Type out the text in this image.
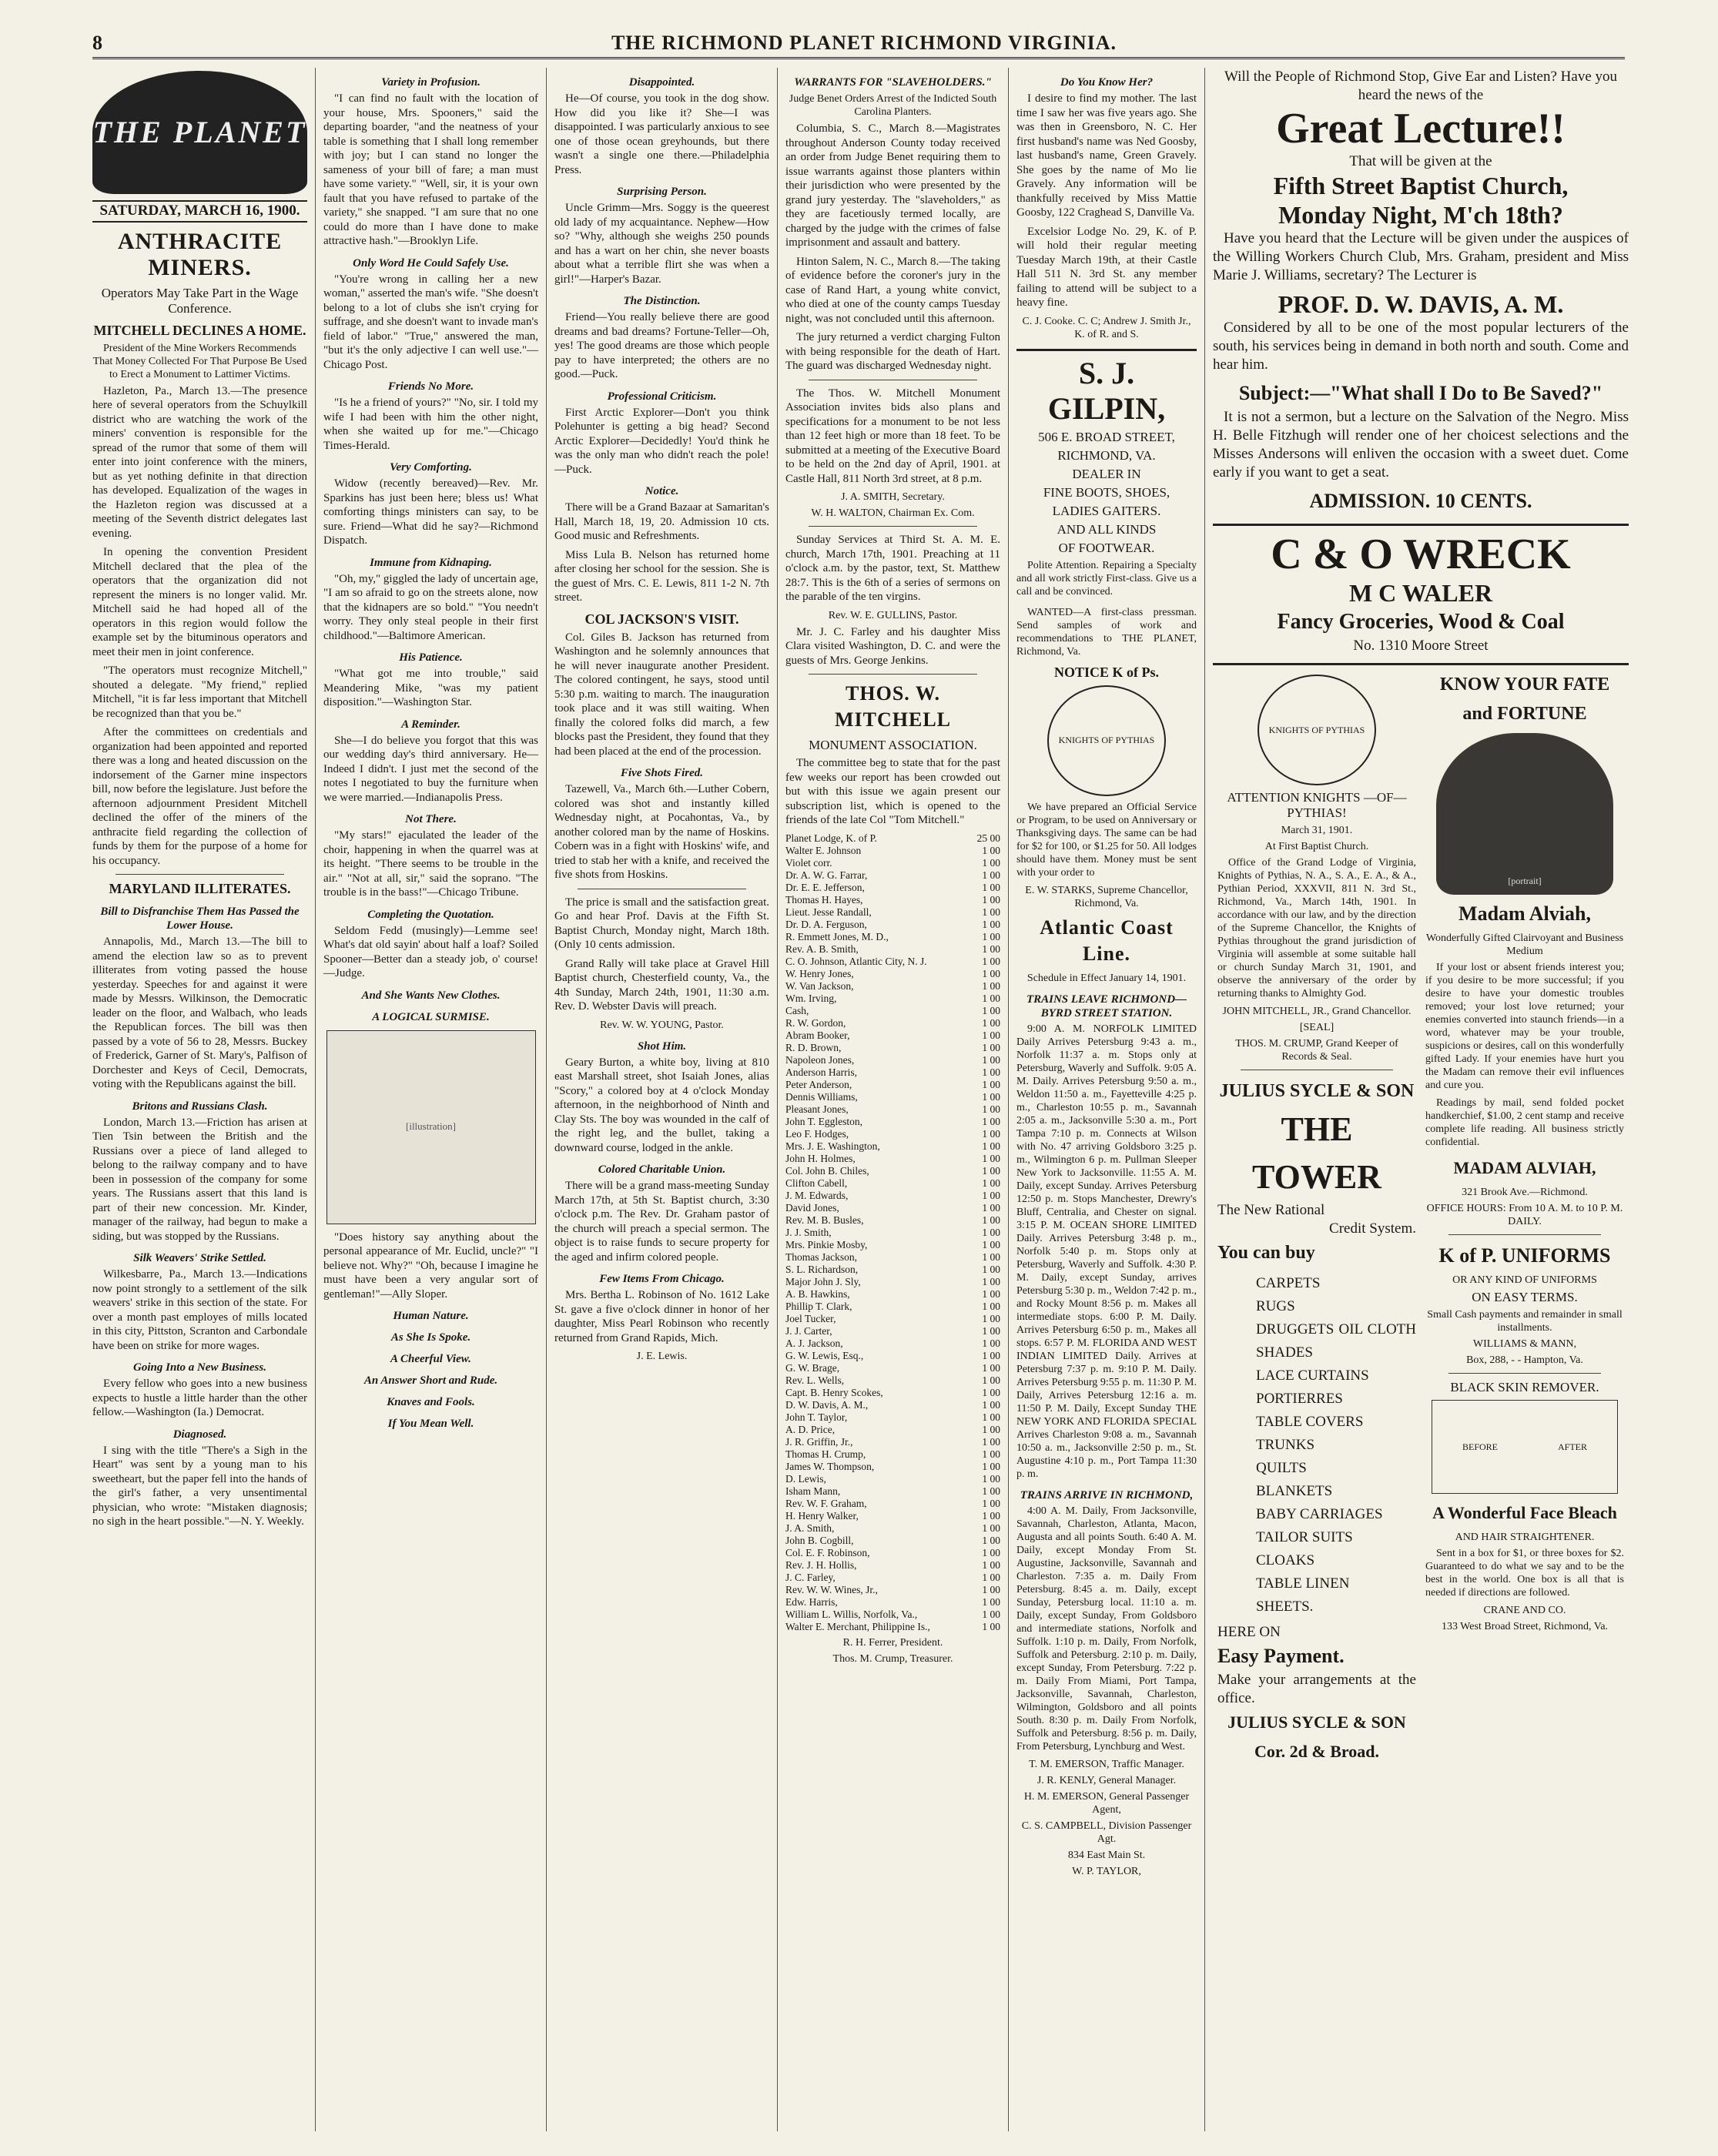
8	THE RICHMOND PLANET RICHMOND VIRGINIA.
THE PLANET
SATURDAY, MARCH 16, 1900.
ANTHRACITE MINERS.
Operators May Take Part in the Wage Conference.
MITCHELL DECLINES A HOME.
President of the Mine Workers Recommends That Money Collected For That Purpose Be Used to Erect a Monument to Lattimer Victims.

Hazleton, Pa., March 13.—The presence here of several operators from the Schuylkill district who are watching the work of the miners' convention is responsible for the spread of the rumor that some of them will enter into joint conference with the miners, but as yet nothing definite in that direction has developed. Equalization of the wages in the Hazleton region was discussed at a meeting of the Seventh district delegates last evening.

In opening the convention President Mitchell declared that the plea of the operators that the organization did not represent the miners is no longer valid. Mr. Mitchell said he had hoped all of the operators in this region would follow the example set by the bituminous operators and meet their men in joint conference.

"The operators must recognize Mitchell," shouted a delegate. "My friend," replied Mitchell, "it is far less important that Mitchell be recognized than that you be."

After the committees on credentials and organization had been appointed and reported there was a long and heated discussion on the indorsement of the Garner mine inspectors bill, now before the legislature. Just before the afternoon adjournment President Mitchell declined the offer of the miners of the anthracite field regarding the collection of funds by them for the purpose of a home for his occupancy.

MARYLAND ILLITERATES.
Bill to Disfranchise Them Has Passed the Lower House.

Annapolis, Md., March 13.—The bill to amend the election law so as to prevent illiterates from voting passed the house yesterday. Speeches for and against it were made by Messrs. Wilkinson, the Democratic leader on the floor, and Walbach, who leads the Republican forces. The bill was then passed by a vote of 56 to 28, Messrs. Buckey of Frederick, Garner of St. Mary's, Palfison of Dorchester and Keys of Cecil, Democrats, voting with the Republicans against the bill.

Britons and Russians Clash.

London, March 13.—Friction has arisen at Tien Tsin between the British and the Russians over a piece of land alleged to belong to the railway company and to have been in possession of the company for some years. The Russians assert that this land is part of their new concession. Mr. Kinder, manager of the railway, had begun to make a siding, but was stopped by the Russians.

Silk Weavers' Strike Settled.

Wilkesbarre, Pa., March 13.—Indications now point strongly to a settlement of the silk weavers' strike in this section of the state. For over a month past employes of mills located in this city, Pittston, Scranton and Carbondale have been on strike for more wages.

Going Into a New Business.

Every fellow who goes into a new business expects to hustle a little harder than the other fellow.—Washington (Ia.) Democrat.

Diagnosed.

I sing with the title "There's a Sigh in the Heart" was sent by a young man to his sweetheart, but the paper fell into the hands of the girl's father, a very unsentimental physician, who wrote: "Mistaken diagnosis; no sigh in the heart possible."—N. Y. Weekly.

Variety in Profusion.

"I can find no fault with the location of your house, Mrs. Spooners," said the departing boarder, "and the neatness of your table is something that I shall long remember with joy; but I can stand no longer the sameness of your bill of fare; a man must have some variety." "Well, sir, it is your own fault that you have refused to partake of the variety," she snapped. "I am sure that no one could do more than I have done to make attractive hash."—Brooklyn Life.

Only Word He Could Safely Use.

"You're wrong in calling her a new woman," asserted the man's wife. "She doesn't belong to a lot of clubs she isn't crying for suffrage, and she doesn't want to invade man's field of labor." "True," answered the man, "but it's the only adjective I can well use."—Chicago Post.

Friends No More.

"Is he a friend of yours?" "No, sir. I told my wife I had been with him the other night, when she waited up for me."—Chicago Times-Herald.

Very Comforting.

Widow (recently bereaved)—Rev. Mr. Sparkins has just been here; bless us! What comforting things ministers can say, to be sure. Friend—What did he say?—Richmond Dispatch.

Immune from Kidnaping.

"Oh, my," giggled the lady of uncertain age, "I am so afraid to go on the streets alone, now that the kidnapers are so bold." "You needn't worry. They only steal people in their first childhood."—Baltimore American.

His Patience.

"What got me into trouble," said Meandering Mike, "was my patient disposition."—Washington Star.

A Reminder.

She—I do believe you forgot that this was our wedding day's third anniversary. He—Indeed I didn't. I just met the second of the notes I negotiated to buy the furniture when we were married.—Indianapolis Press.

Not There.

"My stars!" ejaculated the leader of the choir, happening in when the quarrel was at its height. "There seems to be trouble in the air." "Not at all, sir," said the soprano. "The trouble is in the bass!"—Chicago Tribune.

Completing the Quotation.

Seldom Fedd (musingly)—Lemme see! What's dat old sayin' about half a loaf? Soiled Spooner—Better dan a steady job, o' course!—Judge.

And She Wants New Clothes.
A LOGICAL SURMISE.
[illustration]

"Does history say anything about the personal appearance of Mr. Euclid, uncle?" "I believe not. Why?" "Oh, because I imagine he must have been a very angular sort of gentleman!"—Ally Sloper.

Human Nature.
As She Is Spoke.
A Cheerful View.
An Answer Short and Rude.
Knaves and Fools.
If You Mean Well.
Disappointed.

He—Of course, you took in the dog show. How did you like it? She—I was disappointed. I was particularly anxious to see one of those ocean greyhounds, but there wasn't a single one there.—Philadelphia Press.

Surprising Person.

Uncle Grimm—Mrs. Soggy is the queerest old lady of my acquaintance. Nephew—How so? "Why, although she weighs 250 pounds and has a wart on her chin, she never boasts about what a terrible flirt she was when a girl!"—Harper's Bazar.

The Distinction.

Friend—You really believe there are good dreams and bad dreams? Fortune-Teller—Oh, yes! The good dreams are those which people pay to have interpreted; the others are no good.—Puck.

Professional Criticism.

First Arctic Explorer—Don't you think Polehunter is getting a big head? Second Arctic Explorer—Decidedly! You'd think he was the only man who didn't reach the pole!—Puck.

Notice.

There will be a Grand Bazaar at Samaritan's Hall, March 18, 19, 20. Admission 10 cts. Good music and Refreshments.

Miss Lula B. Nelson has returned home after closing her school for the session. She is the guest of Mrs. C. E. Lewis, 811 1-2 N. 7th street.

COL JACKSON'S VISIT.

Col. Giles B. Jackson has returned from Washington and he solemnly announces that he will never inaugurate another President. The colored contingent, he says, stood until 5:30 p.m. waiting to march. The inauguration took place and it was still waiting. When finally the colored folks did march, a few blocks past the President, they found that they had been placed at the end of the procession.

Five Shots Fired.

Tazewell, Va., March 6th.—Luther Cobern, colored was shot and instantly killed Wednesday night, at Pocahontas, Va., by another colored man by the name of Hoskins. Cobern was in a fight with Hoskins' wife, and tried to stab her with a knife, and received the five shots from Hoskins.

The price is small and the satisfaction great. Go and hear Prof. Davis at the Fifth St. Baptist Church, Monday night, March 18th. (Only 10 cents admission.

Grand Rally will take place at Gravel Hill Baptist church, Chesterfield county, Va., the 4th Sunday, March 24th, 1901, 11:30 a.m. Rev. D. Webster Davis will preach.

Rev. W. W. YOUNG, Pastor.
Shot Him.

Geary Burton, a white boy, living at 810 east Marshall street, shot Isaiah Jones, alias "Scory," a colored boy at 4 o'clock Monday afternoon, in the neighborhood of Ninth and Clay Sts. The boy was wounded in the calf of the right leg, and the bullet, taking a downward course, lodged in the ankle.

Colored Charitable Union.

There will be a grand mass-meeting Sunday March 17th, at 5th St. Baptist church, 3:30 o'clock p.m. The Rev. Dr. Graham pastor of the church will preach a special sermon. The object is to raise funds to secure property for the aged and infirm colored people.

Few Items From Chicago.

Mrs. Bertha L. Robinson of No. 1612 Lake St. gave a five o'clock dinner in honor of her daughter, Miss Pearl Robinson who recently returned from Grand Rapids, Mich.

J. E. Lewis.
WARRANTS FOR "SLAVEHOLDERS."
Judge Benet Orders Arrest of the Indicted South Carolina Planters.

Columbia, S. C., March 8.—Magistrates throughout Anderson County today received an order from Judge Benet requiring them to issue warrants against those planters within their jurisdiction who were presented by the grand jury yesterday. The "slaveholders," as they are facetiously termed locally, are charged by the judge with the crimes of false imprisonment and assault and battery.

Hinton Salem, N. C., March 8.—The taking of evidence before the coroner's jury in the case of Rand Hart, a young white convict, who died at one of the county camps Tuesday night, was not concluded until this afternoon.

The jury returned a verdict charging Fulton with being responsible for the death of Hart. The guard was discharged Wednesday night.

The Thos. W. Mitchell Monument Association invites bids also plans and specifications for a monument to be not less than 12 feet high or more than 18 feet. To be submitted at a meeting of the Executive Board to be held on the 2nd day of April, 1901. at Castle Hall, 811 North 3rd street, at 8 p.m.

J. A. SMITH, Secretary.
W. H. WALTON, Chairman Ex. Com.

Sunday Services at Third St. A. M. E. church, March 17th, 1901. Preaching at 11 o'clock a.m. by the pastor, text, St. Matthew 28:7. This is the 6th of a series of sermons on the parable of the ten virgins.

Rev. W. E. GULLINS, Pastor.

Mr. J. C. Farley and his daughter Miss Clara visited Washington, D. C. and were the guests of Mrs. George Jenkins.

THOS. W. MITCHELL
MONUMENT ASSOCIATION.

The committee beg to state that for the past few weeks our report has been crowded out but with this issue we again present our subscription list, which is opened to the friends of the late Col "Tom Mitchell."

Planet Lodge, K. of P.	25 00
Walter E. Johnson	1 00
Violet corr.	1 00
Dr. A. W. G. Farrar,	1 00
Dr. E. E. Jefferson,	1 00
Thomas H. Hayes,	1 00
Lieut. Jesse Randall,	1 00
Dr. D. A. Ferguson,	1 00
R. Emmett Jones, M. D.,	1 00
Rev. A. B. Smith,	1 00
C. O. Johnson, Atlantic City, N. J.	1 00
W. Henry Jones,	1 00
W. Van Jackson,	1 00
Wm. Irving,	1 00
Cash,	1 00
R. W. Gordon,	1 00
Abram Booker,	1 00
R. D. Brown,	1 00
Napoleon Jones,	1 00
Anderson Harris,	1 00
Peter Anderson,	1 00
Dennis Williams,	1 00
Pleasant Jones,	1 00
John T. Eggleston,	1 00
Leo F. Hodges,	1 00
Mrs. J. E. Washington,	1 00
John H. Holmes,	1 00
Col. John B. Chiles,	1 00
Clifton Cabell,	1 00
J. M. Edwards,	1 00
David Jones,	1 00
Rev. M. B. Busles,	1 00
J. J. Smith,	1 00
Mrs. Pinkie Mosby,	1 00
Thomas Jackson,	1 00
S. L. Richardson,	1 00
Major John J. Sly,	1 00
A. B. Hawkins,	1 00
Phillip T. Clark,	1 00
Joel Tucker,	1 00
J. J. Carter,	1 00
A. J. Jackson,	1 00
G. W. Lewis, Esq.,	1 00
G. W. Brage,	1 00
Rev. L. Wells,	1 00
Capt. B. Henry Scokes,	1 00
D. W. Davis, A. M.,	1 00
John T. Taylor,	1 00
A. D. Price,	1 00
J. R. Griffin, Jr.,	1 00
Thomas H. Crump,	1 00
James W. Thompson,	1 00
D. Lewis,	1 00
Isham Mann,	1 00
Rev. W. F. Graham,	1 00
H. Henry Walker,	1 00
J. A. Smith,	1 00
John B. Cogbill,	1 00
Col. E. F. Robinson,	1 00
Rev. J. H. Hollis,	1 00
J. C. Farley,	1 00
Rev. W. W. Wines, Jr.,	1 00
Edw. Harris,	1 00
William L. Willis, Norfolk, Va.,	1 00
Walter E. Merchant, Philippine Is.,	1 00
R. H. Ferrer, President.
Thos. M. Crump, Treasurer.
Do You Know Her?

I desire to find my mother. The last time I saw her was five years ago. She was then in Greensboro, N. C. Her first husband's name was Ned Goosby, last husband's name, Green Gravely. She goes by the name of Mo lie Gravely. Any information will be thankfully received by Miss Mattie Goosby, 122 Craghead S, Danville Va.

Excelsior Lodge No. 29, K. of P. will hold their regular meeting Tuesday March 19th, at their Castle Hall 511 N. 3rd St. any member failing to attend will be subject to a heavy fine.

C. J. Cooke. C. C; Andrew J. Smith Jr., K. of R. and S.
S. J. GILPIN,
506 E. BROAD STREET,
RICHMOND, VA.
DEALER IN
FINE BOOTS, SHOES,
LADIES GAITERS.
AND ALL KINDS
OF FOOTWEAR.

Polite Attention. Repairing a Specialty and all work strictly First-class. Give us a call and be convinced.

WANTED—A first-class pressman. Send samples of work and recommendations to THE PLANET, Richmond, Va.

NOTICE K of Ps.
KNIGHTS OF PYTHIAS

We have prepared an Official Service or Program, to be used on Anniversary or Thanksgiving days. The same can be had for $2 for 100, or $1.25 for 50. All lodges should have them. Money must be sent with your order to

E. W. STARKS, Supreme Chancellor, Richmond, Va.
Atlantic Coast Line.
Schedule in Effect January 14, 1901.
TRAINS LEAVE RICHMOND—BYRD STREET STATION.

9:00 A. M. NORFOLK LIMITED Daily Arrives Petersburg 9:43 a. m., Norfolk 11:37 a. m. Stops only at Petersburg, Waverly and Suffolk. 9:05 A. M. Daily. Arrives Petersburg 9:50 a. m., Weldon 11:50 a. m., Fayetteville 4:25 p. m., Charleston 10:55 p. m., Savannah 2:05 a. m., Jacksonville 5:30 a. m., Port Tampa 7:10 p. m. Connects at Wilson with No. 47 arriving Goldsboro 3:25 p. m., Wilmington 6 p. m. Pullman Sleeper New York to Jacksonville. 11:55 A. M. Daily, except Sunday. Arrives Petersburg 12:50 p. m. Stops Manchester, Drewry's Bluff, Centralia, and Chester on signal. 3:15 P. M. OCEAN SHORE LIMITED Daily. Arrives Petersburg 3:48 p. m., Norfolk 5:40 p. m. Stops only at Petersburg, Waverly and Suffolk. 4:30 P. M. Daily, except Sunday, arrives Petersburg 5:30 p. m., Weldon 7:42 p. m., and Rocky Mount 8:56 p. m. Makes all intermediate stops. 6:00 P. M. Daily. Arrives Petersburg 6:50 p. m., Makes all stops. 6:57 P. M. FLORIDA AND WEST INDIAN LIMITED Daily. Arrives at Petersburg 7:37 p. m. 9:10 P. M. Daily. Arrives Petersburg 9:55 p. m. 11:30 P. M. Daily, Arrives Petersburg 12:16 a. m. 11:50 P. M. Daily, Except Sunday THE NEW YORK AND FLORIDA SPECIAL Arrives Charleston 9:08 a. m., Savannah 10:50 a. m., Jacksonville 2:50 p. m., St. Augustine 4:10 p. m., Port Tampa 11:30 p. m.

TRAINS ARRIVE IN RICHMOND,

4:00 A. M. Daily, From Jacksonville, Savannah, Charleston, Atlanta, Macon, Augusta and all points South. 6:40 A. M. Daily, except Monday From St. Augustine, Jacksonville, Savannah and Charleston. 7:35 a. m. Daily From Petersburg. 8:45 a. m. Daily, except Sunday, Petersburg local. 11:10 a. m. Daily, except Sunday, From Goldsboro and intermediate stations, Norfolk and Suffolk. 1:10 p. m. Daily, From Norfolk, Suffolk and Petersburg. 2:10 p. m. Daily, except Sunday, From Petersburg. 7:22 p. m. Daily From Miami, Port Tampa, Jacksonville, Savannah, Charleston, Wilmington, Goldsboro and all points South. 8:30 p. m. Daily From Norfolk, Suffolk and Petersburg. 8:56 p. m. Daily, From Petersburg, Lynchburg and West.

T. M. EMERSON, Traffic Manager.
J. R. KENLY, General Manager.
H. M. EMERSON, General Passenger Agent,
C. S. CAMPBELL, Division Passenger Agt.
834 East Main St.
W. P. TAYLOR,
Will the People of Richmond Stop, Give Ear and Listen? Have you heard the news of the
Great Lecture!!
That will be given at the
Fifth Street Baptist Church,
Monday Night, M'ch 18th?

Have you heard that the Lecture will be given under the auspices of the Willing Workers Church Club, Mrs. Graham, president and Miss Marie J. Williams, secretary? The Lecturer is

PROF. D. W. DAVIS, A. M.

Considered by all to be one of the most popular lecturers of the south, his services being in demand in both north and south. Come and hear him.

Subject:—"What shall I Do to Be Saved?"

It is not a sermon, but a lecture on the Salvation of the Negro. Miss H. Belle Fitzhugh will render one of her choicest selections and the Misses Andersons will enliven the occasion with a sweet duet. Come early if you want to get a seat.

ADMISSION. 10 CENTS.
C & O WRECK
M C WALER
Fancy Groceries, Wood & Coal
No. 1310 Moore Street
KNIGHTS OF PYTHIAS
ATTENTION KNIGHTS —OF— PYTHIAS!
March 31, 1901.
At First Baptist Church.

Office of the Grand Lodge of Virginia, Knights of Pythias, N. A., S. A., E. A., & A., Pythian Period, XXXVII, 811 N. 3rd St., Richmond, Va., March 14th, 1901. In accordance with our law, and by the direction of the Supreme Chancellor, the Knights of Pythias throughout the grand jurisdiction of Virginia will assemble at some suitable hall or church Sunday March 31, 1901, and observe the anniversary of the order by returning thanks to Almighty God.

JOHN MITCHELL, JR., Grand Chancellor.
[SEAL]
THOS. M. CRUMP, Grand Keeper of Records & Seal.
JULIUS SYCLE & SON
THE TOWER
The New Rational
Credit System.
You can buy
CARPETS
RUGS
DRUGGETS OIL CLOTH SHADES
LACE CURTAINS
PORTIERRES
TABLE COVERS
TRUNKS
QUILTS
BLANKETS
BABY CARRIAGES
TAILOR SUITS
CLOAKS
TABLE LINEN
SHEETS.
HERE ON
Easy Payment.
Make your arrangements at the office.
JULIUS SYCLE & SON
Cor. 2d & Broad.
KNOW YOUR FATE and FORTUNE
[portrait]
Madam Alviah,
Wonderfully Gifted Clairvoyant and Business Medium

If your lost or absent friends interest you; if you desire to be more successful; if you desire to have your domestic troubles removed; your lost love returned; your enemies converted into staunch friends—in a word, whatever may be your trouble, suspicions or desires, call on this wonderfully gifted Lady. If your enemies have hurt you the Madam can remove their evil influences and cure you.

Readings by mail, send folded pocket handkerchief, $1.00, 2 cent stamp and receive complete life reading. All business strictly confidential.

MADAM ALVIAH,
321 Brook Ave.—Richmond.
OFFICE HOURS: From 10 A. M. to 10 P. M. DAILY.
K of P. UNIFORMS
OR ANY KIND OF UNIFORMS
ON EASY TERMS.
Small Cash payments and remainder in small installments.
WILLIAMS & MANN,
Box, 288, - - Hampton, Va.
BLACK SKIN REMOVER.
BEFORE	AFTER
A Wonderful Face Bleach
AND HAIR STRAIGHTENER.

Sent in a box for $1, or three boxes for $2. Guaranteed to do what we say and to be the best in the world. One box is all that is needed if directions are followed.

CRANE AND CO.
133 West Broad Street, Richmond, Va.
